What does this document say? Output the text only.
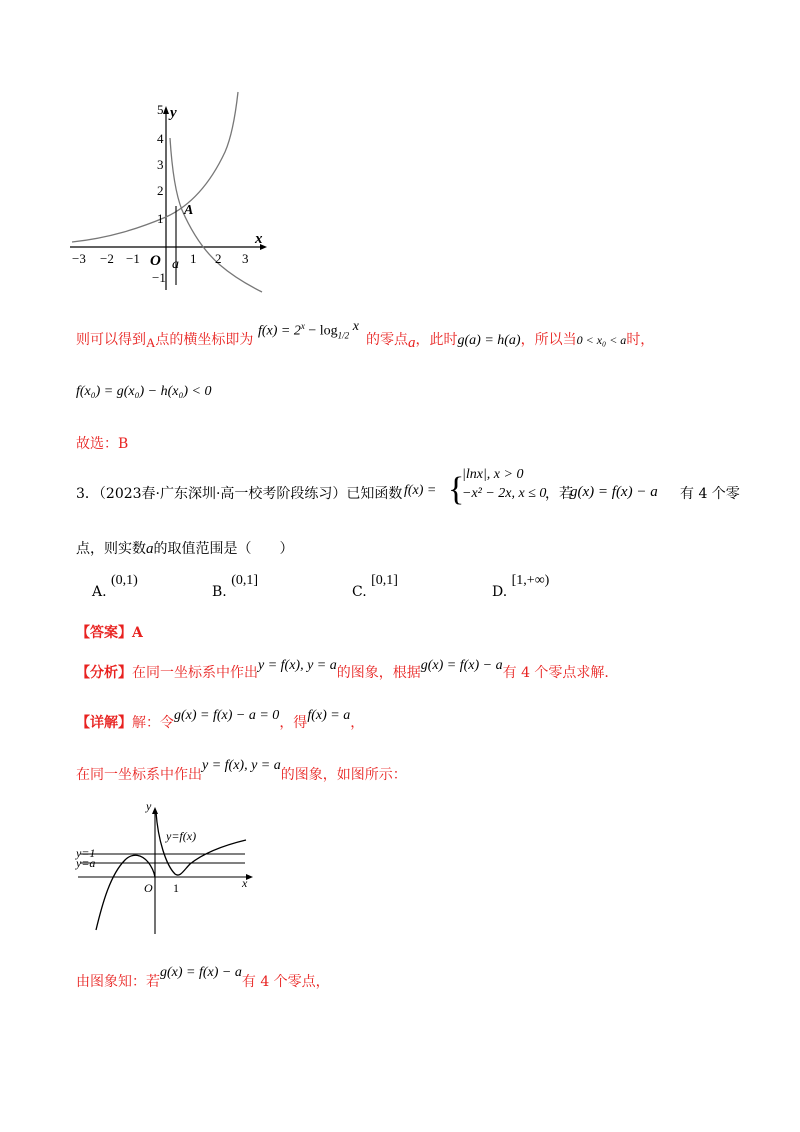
y
x
O a
A
5
4
3
2
1
−1
−3 −2 −1	1 2 3
则可以得到A点的横坐标即为
$f(x) = 2^x - \log_{1/2} x$
的零点a，此时g(a) = h(a)，所以当0 < x₀ < a时，
f(x₀) = g(x₀) − h(x₀) < 0
故选：B
3．（2023春·广东深圳·高一校考阶段练习）已知函数 f(x) = {
|lnx|, x > 0
−x² − 2x, x ≤ 0
，若
g(x) = f(x) − a 有 4 个零
点，则实数a的取值范围是（　　）
A. (0,1)
B. (0,1]
C. [0,1]
D. [1,+∞)
【答案】A
【分析】在同一坐标系中作出y = f(x), y = a的图象，根据g(x) = f(x) − a有 4 个零点求解.
【详解】解：令g(x) = f(x) − a = 0，得f(x) = a，
在同一坐标系中作出y = f(x), y = a的图象，如图所示：
y
y=f(x)
y=1
y=a
O 1	x
由图象知：若g(x) = f(x) − a有 4 个零点，
